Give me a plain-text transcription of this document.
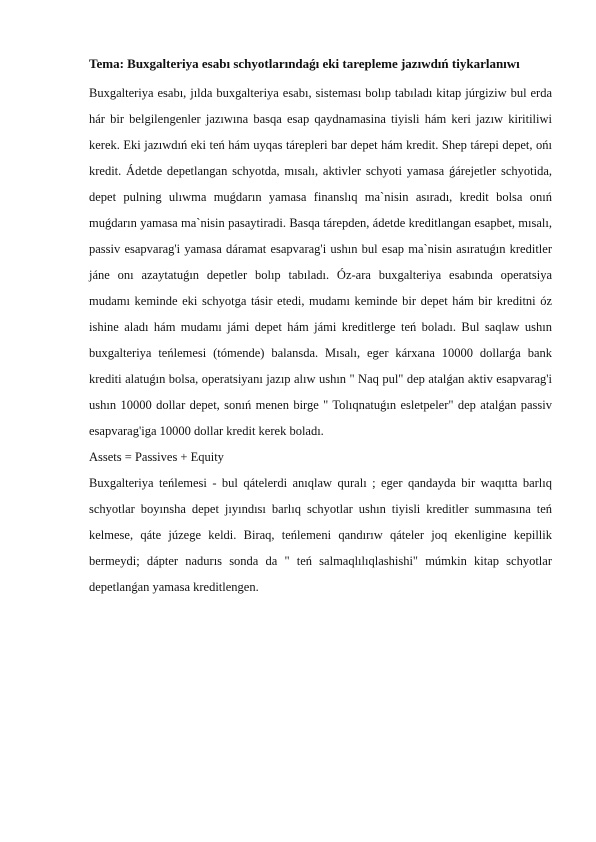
Tema: Buxgalteriya esabı schyotlarındaǵı eki tarepleme jazıwdıń tiykarlanıwı

Buxgalteriya esabı, jılda buxgalteriya esabı, sisteması bolıp tabıladı kitap júrgiziw bul erda hár bir belgilengenler jazıwına basqa esap qaydnamasina tiyisli hám keri jazıw kiritiliwi kerek. Eki jazıwdıń eki teń hám uyqas tárepleri bar depet hám kredit. Shep tárepi depet, ońı kredit. Ádetde depetlangan schyotda, mısalı, aktivler schyoti yamasa ǵárejetler schyotida, depet pulning ulıwma muǵdarın yamasa finanslıq ma`nisin asıradı, kredit bolsa onıń muǵdarın yamasa ma`nisin pasaytiradi. Basqa tárepden, ádetde kreditlangan esapbet, mısalı, passiv esapvarag'i yamasa dáramat esapvarag'i ushın bul esap ma`nisin asıratuǵın kreditler jáne onı azaytatuǵın depetler bolıp tabıladı. Óz-ara buxgalteriya esabında operatsiya mudamı keminde eki schyotga tásir etedi, mudamı keminde bir depet hám bir kreditni óz ishine aladı hám mudamı jámi depet hám jámi kreditlerge teń boladı. Bul saqlaw ushın buxgalteriya teńlemesi (tómende) balansda. Mısalı, eger kárxana 10000 dollarǵa bank krediti alatuǵın bolsa, operatsiyanı jazıp alıw ushın " Naq pul" dep atalǵan aktiv esapvarag'i ushın 10000 dollar depet, sonıń menen birge " Tolıqnatuǵın esletpeler" dep atalǵan passiv esapvarag'iga 10000 dollar kredit kerek boladı.

Assets = Passives + Equity

Buxgalteriya teńlemesi - bul qátelerdi anıqlaw quralı ; eger qandayda bir waqıtta barlıq schyotlar boyınsha depet jıyındısı barlıq schyotlar ushın tiyisli kreditler summasına teń kelmese, qáte júzege keldi. Biraq, teńlemeni qandırıw qáteler joq ekenligine kepillik bermeydi; dápter nadurıs sonda da " teń salmaqlılıqlashishi" múmkin kitap schyotlar depetlanǵan yamasa kreditlengen.
